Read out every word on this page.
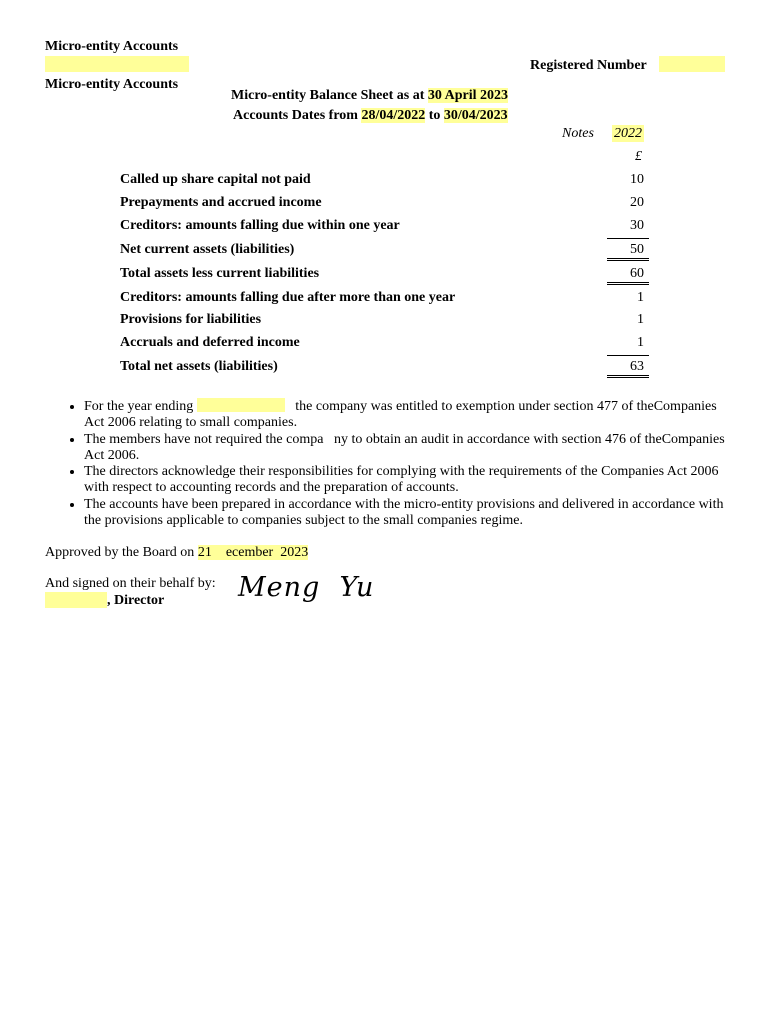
Micro-entity Accounts
Micro-entity Accounts
Registered Number
Micro-entity Balance Sheet as at 30 April 2023
Accounts Dates from 28/04/2022 to 30/04/2023
Notes 2022
£
Called up share capital not paid	10
Prepayments and accrued income	20
Creditors: amounts falling due within one year	30
Net current assets (liabilities)	50
Total assets less current liabilities	60
Creditors: amounts falling due after more than one year	1
Provisions for liabilities	1
Accruals and deferred income	1
Total net assets (liabilities)	63
• For the year ending	the company was entitled to exemption under section 477 of theCompanies Act 2006 relating to small companies.
• The members have not required the compa ny to obtain an audit in accordance with section 476 of theCompanies Act 2006.
• The directors acknowledge their responsibilities for complying with the requirements of the Companies Act 2006 with respect to accounting records and the preparation of accounts.
• The accounts have been prepared in accordance with the micro-entity provisions and delivered in accordance with the provisions applicable to companies subject to the small companies regime.
Approved by the Board on 21    ecember  2023
And signed on their behalf by:
, Director	Meng  Yu
